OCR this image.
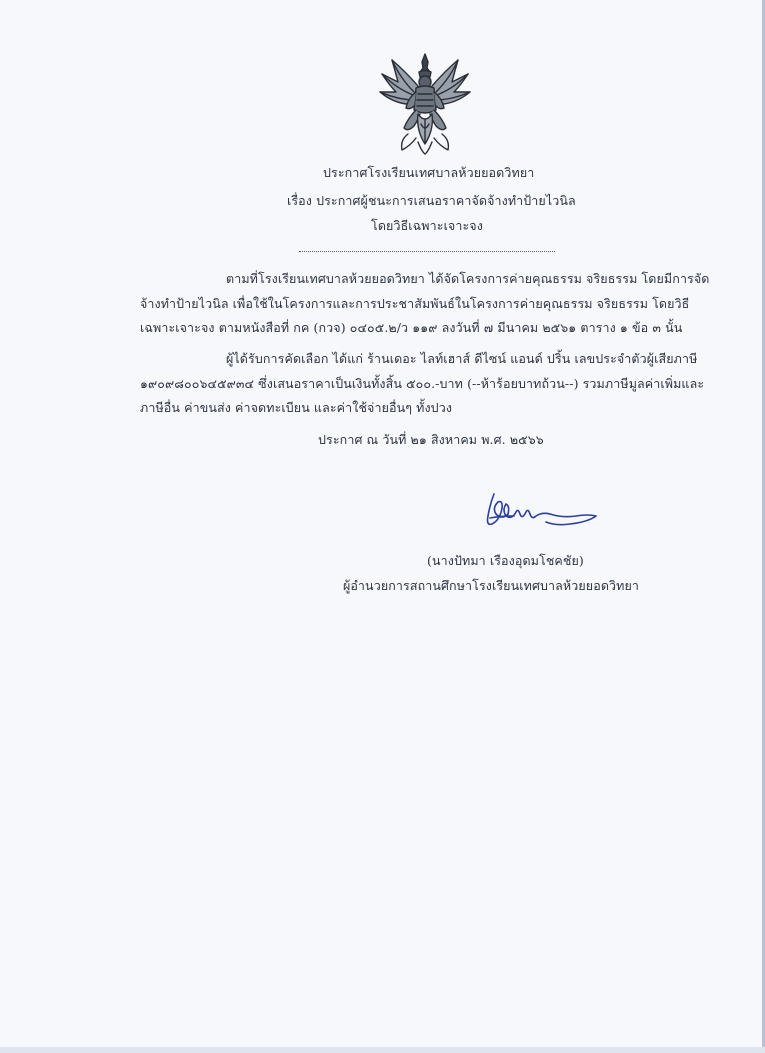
ประกาศโรงเรียนเทศบาลห้วยยอดวิทยา
เรื่อง ประกาศผู้ชนะการเสนอราคาจัดจ้างทำป้ายไวนิล
โดยวิธีเฉพาะเจาะจง
ตามที่โรงเรียนเทศบาลห้วยยอดวิทยา ได้จัดโครงการค่ายคุณธรรม จริยธรรม โดยมีการจัด
จ้างทำป้ายไวนิล เพื่อใช้ในโครงการและการประชาสัมพันธ์ในโครงการค่ายคุณธรรม จริยธรรม โดยวิธี
เฉพาะเจาะจง ตามหนังสือที่ กค (กวจ) ๐๔๐๕.๒/ว ๑๑๙ ลงวันที่ ๗ มีนาคม ๒๕๖๑ ตาราง ๑ ข้อ ๓ นั้น
ผู้ได้รับการคัดเลือก ได้แก่ ร้านเดอะ ไลท์เฮาส์ ดีไซน์ แอนด์ ปริ้น เลขประจำตัวผู้เสียภาษี
๑๙๐๙๘๐๐๖๔๕๙๓๔ ซึ่งเสนอราคาเป็นเงินทั้งสิ้น ๕๐๐.-บาท (--ห้าร้อยบาทถ้วน--) รวมภาษีมูลค่าเพิ่มและ
ภาษีอื่น ค่าขนส่ง ค่าจดทะเบียน และค่าใช้จ่ายอื่นๆ ทั้งปวง
ประกาศ ณ วันที่ ๒๑ สิงหาคม พ.ศ. ๒๕๖๖
(นางปัทมา เรืองอุดมโชคชัย)
ผู้อำนวยการสถานศึกษาโรงเรียนเทศบาลห้วยยอดวิทยา
